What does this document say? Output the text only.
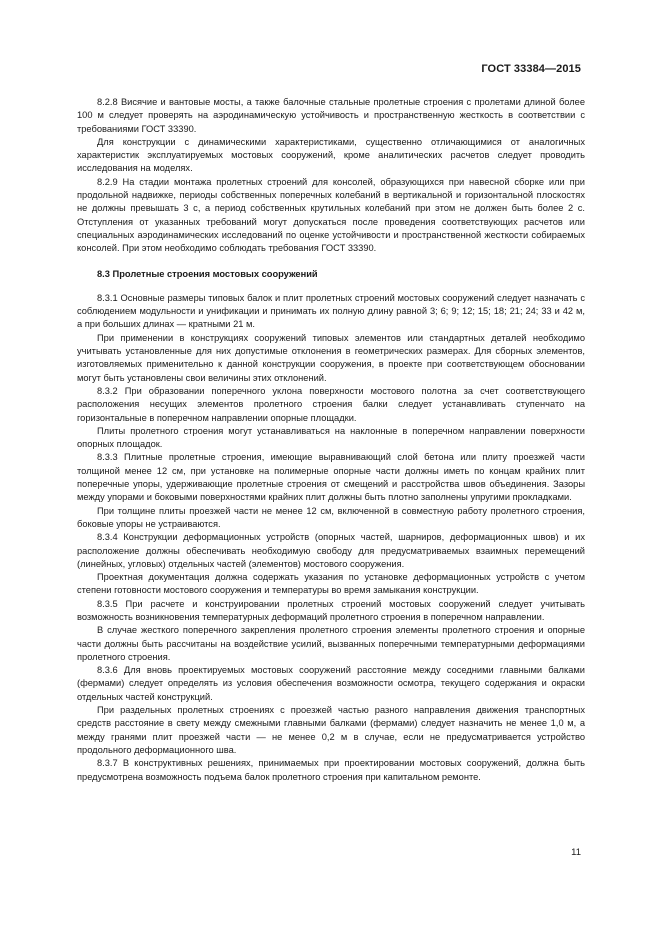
ГОСТ 33384—2015

8.2.8 Висячие и вантовые мосты, а также балочные стальные пролетные строения с пролетами длиной более 100 м следует проверять на аэродинамическую устойчивость и пространственную жесткость в соответствии с требованиями ГОСТ 33390.

Для конструкции с динамическими характеристиками, существенно отличающимися от аналогичных характеристик эксплуатируемых мостовых сооружений, кроме аналитических расчетов следует проводить исследования на моделях.

8.2.9 На стадии монтажа пролетных строений для консолей, образующихся при навесной сборке или при продольной надвижке, периоды собственных поперечных колебаний в вертикальной и горизонтальной плоскостях не должны превышать 3 с, а период собственных крутильных колебаний при этом не должен быть более 2 с. Отступления от указанных требований могут допускаться после проведения соответствующих расчетов или специальных аэродинамических исследований по оценке устойчивости и пространственной жесткости собираемых консолей. При этом необходимо соблюдать требования ГОСТ 33390.

8.3 Пролетные строения мостовых сооружений

8.3.1 Основные размеры типовых балок и плит пролетных строений мостовых сооружений следует назначать с соблюдением модульности и унификации и принимать их полную длину равной 3; 6; 9; 12; 15; 18; 21; 24; 33 и 42 м, а при больших длинах — кратными 21 м.

При применении в конструкциях сооружений типовых элементов или стандартных деталей необходимо учитывать установленные для них допустимые отклонения в геометрических размерах. Для сборных элементов, изготовляемых применительно к данной конструкции сооружения, в проекте при соответствующем обосновании могут быть установлены свои величины этих отклонений.

8.3.2 При образовании поперечного уклона поверхности мостового полотна за счет соответствующего расположения несущих элементов пролетного строения балки следует устанавливать ступенчато на горизонтальные в поперечном направлении опорные площадки.

Плиты пролетного строения могут устанавливаться на наклонные в поперечном направлении поверхности опорных площадок.

8.3.3 Плитные пролетные строения, имеющие выравнивающий слой бетона или плиту проезжей части толщиной менее 12 см, при установке на полимерные опорные части должны иметь по концам крайних плит поперечные упоры, удерживающие пролетные строения от смещений и расстройства швов объединения. Зазоры между упорами и боковыми поверхностями крайних плит должны быть плотно заполнены упругими прокладками.

При толщине плиты проезжей части не менее 12 см, включенной в совместную работу пролетного строения, боковые упоры не устраиваются.

8.3.4 Конструкции деформационных устройств (опорных частей, шарниров, деформационных швов) и их расположение должны обеспечивать необходимую свободу для предусматриваемых взаимных перемещений (линейных, угловых) отдельных частей (элементов) мостового сооружения.

Проектная документация должна содержать указания по установке деформационных устройств с учетом степени готовности мостового сооружения и температуры во время замыкания конструкции.

8.3.5 При расчете и конструировании пролетных строений мостовых сооружений следует учитывать возможность возникновения температурных деформаций пролетного строения в поперечном направлении.

В случае жесткого поперечного закрепления пролетного строения элементы пролетного строения и опорные части должны быть рассчитаны на воздействие усилий, вызванных поперечными температурными деформациями пролетного строения.

8.3.6 Для вновь проектируемых мостовых сооружений расстояние между соседними главными балками (фермами) следует определять из условия обеспечения возможности осмотра, текущего содержания и окраски отдельных частей конструкций.

При раздельных пролетных строениях с проезжей частью разного направления движения транспортных средств расстояние в свету между смежными главными балками (фермами) следует назначить не менее 1,0 м, а между гранями плит проезжей части — не менее 0,2 м в случае, если не предусматривается устройство продольного деформационного шва.

8.3.7 В конструктивных решениях, принимаемых при проектировании мостовых сооружений, должна быть предусмотрена возможность подъема балок пролетного строения при капитальном ремонте.

11
